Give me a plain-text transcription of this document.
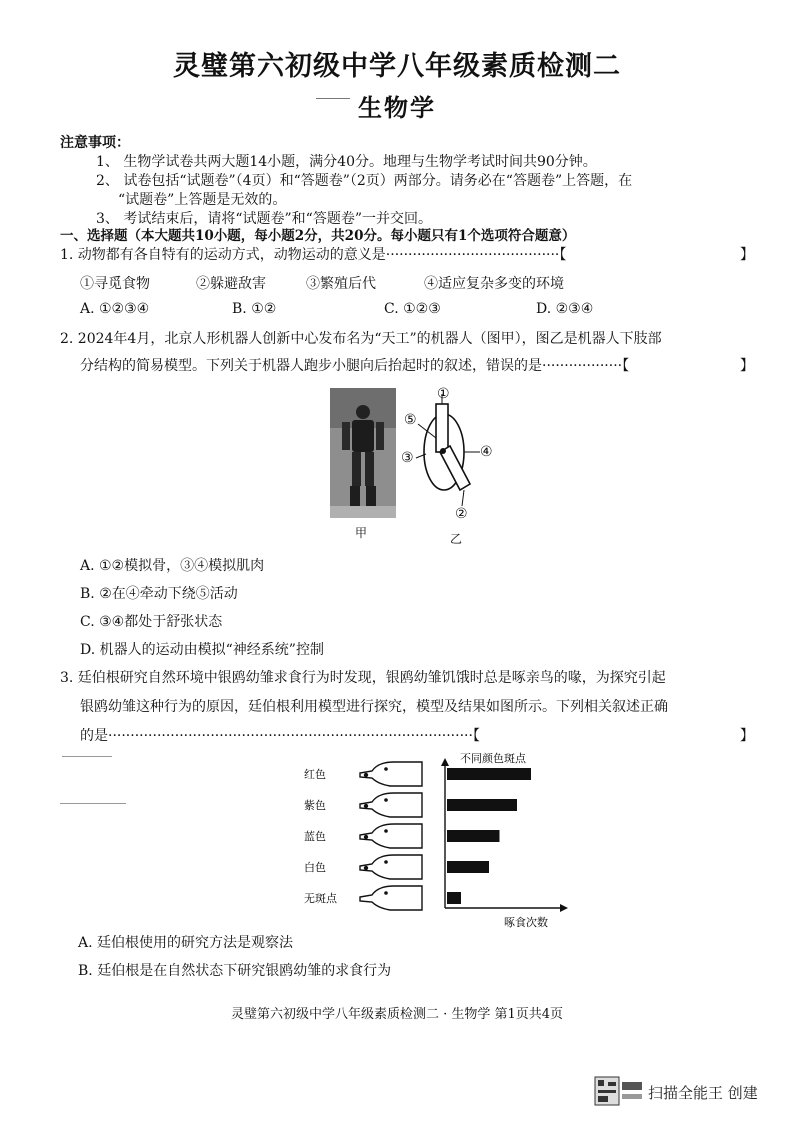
灵璧第六初级中学八年级素质检测二
生物学
注意事项：
1、 生物学试卷共两大题14小题，满分40分。地理与生物学考试时间共90分钟。
2、 试卷包括“试题卷”（4页）和“答题卷”（2页）两部分。请务必在“答题卷”上答题，在
“试题卷”上答题是无效的。
3、 考试结束后，请将“试题卷”和“答题卷”一并交回。
一、选择题（本大题共10小题，每小题2分，共20分。每小题只有1个选项符合题意）
1. 动物都有各自特有的运动方式，动物运动的意义是·······································【	】
①寻觅食物	②躲避敌害	③繁殖后代	④适应复杂多变的环境
A. ①②③④	B. ①②	C. ①②③	D. ②③④
2. 2024年4月，北京人形机器人创新中心发布名为“天工”的机器人（图甲），图乙是机器人下肢部
分结构的简易模型。下列关于机器人跑步小腿向后抬起时的叙述，错误的是··················【	】
甲
①
⑤
③	④
②
乙
A. ①②模拟骨，③④模拟肌肉
B. ②在④牵动下绕⑤活动
C. ③④都处于舒张状态
D. 机器人的运动由模拟“神经系统”控制
3. 廷伯根研究自然环境中银鸥幼雏求食行为时发现，银鸥幼雏饥饿时总是啄亲鸟的喙，为探究引起
银鸥幼雏这种行为的原因，廷伯根利用模型进行探究，模型及结果如图所示。下列相关叙述正确
的是··················································································【	】
红色
紫色
蓝色
白色
无斑点
不同颜色斑点
啄食次数
A. 廷伯根使用的研究方法是观察法
B. 廷伯根是在自然状态下研究银鸥幼雏的求食行为
灵璧第六初级中学八年级素质检测二 · 生物学 第1页共4页
扫描全能王 创建
